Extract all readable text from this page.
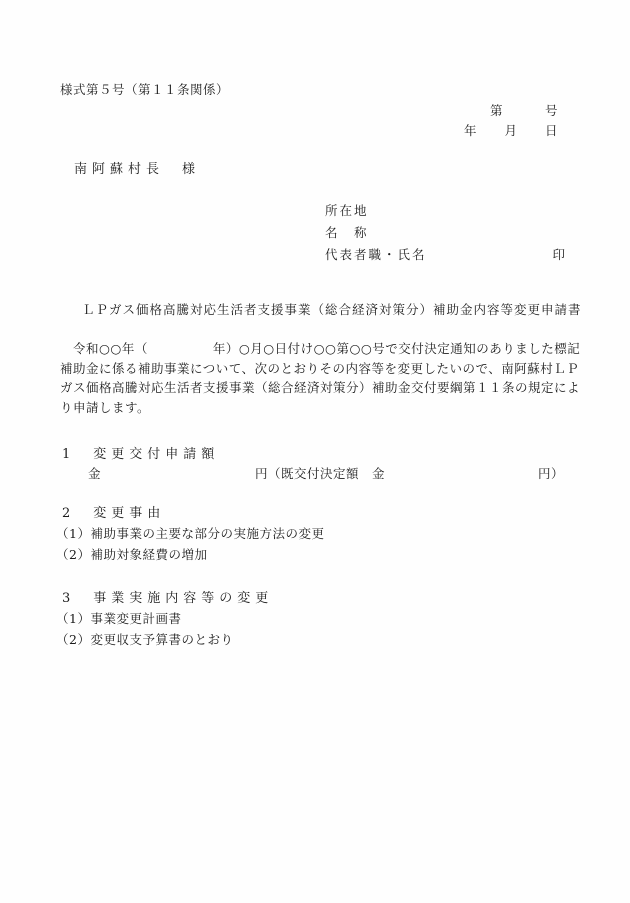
様式第５号（第１１条関係）
第	号
年 月 日
南阿蘇村長　様
所在地
名　称
代表者職・氏名	印
ＬＰガス価格高騰対応生活者支援事業（総合経済対策分）補助金内容等変更申請書
　令和○○年（　　　　　年）○月○日付け○○第○○号で交付決定通知のありました標記
補助金に係る補助事業について、次のとおりその内容等を変更したいので、南阿蘇村ＬＰ
ガス価格高騰対応生活者支援事業（総合経済対策分）補助金交付要綱第１１条の規定によ
り申請します。
1　変更交付申請額
金	円（既交付決定額　金	円）
2　変更事由
（1）補助事業の主要な部分の実施方法の変更
（2）補助対象経費の増加
3　事業実施内容等の変更
（1）事業変更計画書
（2）変更収支予算書のとおり
